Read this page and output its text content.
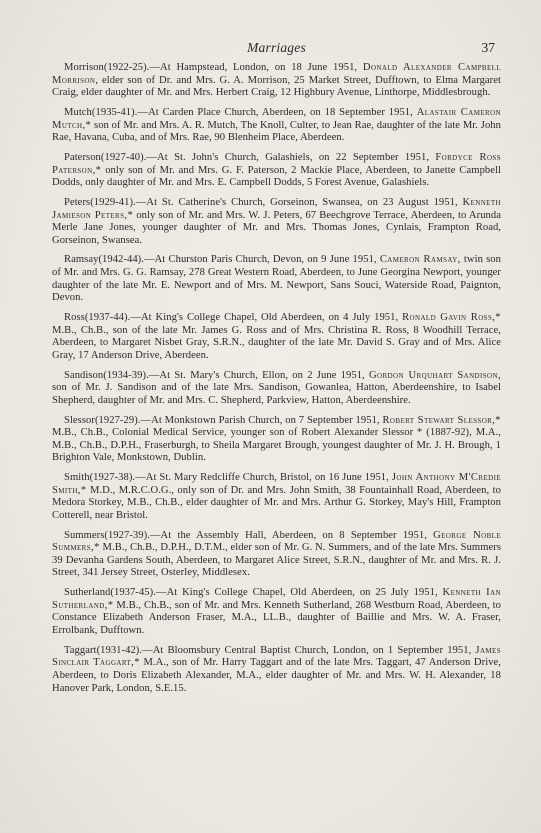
Marriages	37

Morrison(1922-25).—At Hampstead, London, on 18 June 1951, Donald Alexander Campbell Morrison, elder son of Dr. and Mrs. G. A. Morrison, 25 Market Street, Dufftown, to Elma Margaret Craig, elder daughter of Mr. and Mrs. Herbert Craig, 12 Highbury Avenue, Linthorpe, Middlesbrough.

Mutch(1935-41).—At Carden Place Church, Aberdeen, on 18 September 1951, Alastair Cameron Mutch,* son of Mr. and Mrs. A. R. Mutch, The Knoll, Culter, to Jean Rae, daughter of the late Mr. John Rae, Havana, Cuba, and of Mrs. Rae, 90 Blenheim Place, Aberdeen.

Paterson(1927-40).—At St. John's Church, Galashiels, on 22 September 1951, Fordyce Ross Paterson,* only son of Mr. and Mrs. G. F. Paterson, 2 Mackie Place, Aberdeen, to Janette Campbell Dodds, only daughter of Mr. and Mrs. E. Campbell Dodds, 5 Forest Avenue, Galashiels.

Peters(1929-41).—At St. Catherine's Church, Gorseinon, Swansea, on 23 August 1951, Kenneth Jamieson Peters,* only son of Mr. and Mrs. W. J. Peters, 67 Beechgrove Terrace, Aberdeen, to Arunda Merle Jane Jones, younger daughter of Mr. and Mrs. Thomas Jones, Cynlais, Frampton Road, Gorseinon, Swansea.

Ramsay(1942-44).—At Churston Paris Church, Devon, on 9 June 1951, Cameron Ramsay, twin son of Mr. and Mrs. G. G. Ramsay, 278 Great Western Road, Aberdeen, to June Georgina Newport, younger daughter of the late Mr. E. Newport and of Mrs. M. Newport, Sans Souci, Waterside Road, Paignton, Devon.

Ross(1937-44).—At King's College Chapel, Old Aberdeen, on 4 July 1951, Ronald Gavin Ross,* M.B., Ch.B., son of the late Mr. James G. Ross and of Mrs. Christina R. Ross, 8 Woodhill Terrace, Aberdeen, to Margaret Nisbet Gray, S.R.N., daughter of the late Mr. David S. Gray and of Mrs. Alice Gray, 17 Anderson Drive, Aberdeen.

Sandison(1934-39).—At St. Mary's Church, Ellon, on 2 June 1951, Gordon Urquhart Sandison, son of Mr. J. Sandison and of the late Mrs. Sandison, Gowanlea, Hatton, Aberdeenshire, to Isabel Shepherd, daughter of Mr. and Mrs. C. Shepherd, Parkview, Hatton, Aberdeenshire.

Slessor(1927-29).—At Monkstown Parish Church, on 7 September 1951, Robert Stewart Slessor,* M.B., Ch.B., Colonial Medical Service, younger son of Robert Alexander Slessor * (1887-92), M.A., M.B., Ch.B., D.P.H., Fraserburgh, to Sheila Margaret Brough, youngest daughter of Mr. J. H. Brough, 1 Brighton Vale, Monkstown, Dublin.

Smith(1927-38).—At St. Mary Redcliffe Church, Bristol, on 16 June 1951, John Anthony M'Credie Smith,* M.D., M.R.C.O.G., only son of Dr. and Mrs. John Smith, 38 Fountainhall Road, Aberdeen, to Medora Storkey, M.B., Ch.B., elder daughter of Mr. and Mrs. Arthur G. Storkey, May's Hill, Frampton Cotterell, near Bristol.

Summers(1927-39).—At the Assembly Hall, Aberdeen, on 8 September 1951, George Noble Summers,* M.B., Ch.B., D.P.H., D.T.M., elder son of Mr. G. N. Summers, and of the late Mrs. Summers 39 Devanha Gardens South, Aberdeen, to Margaret Alice Street, S.R.N., daughter of Mr. and Mrs. R. J. Street, 341 Jersey Street, Osterley, Middlesex.

Sutherland(1937-45).—At King's College Chapel, Old Aberdeen, on 25 July 1951, Kenneth Ian Sutherland,* M.B., Ch.B., son of Mr. and Mrs. Kenneth Sutherland, 268 Westburn Road, Aberdeen, to Constance Elizabeth Anderson Fraser, M.A., LL.B., daughter of Baillie and Mrs. W. A. Fraser, Errolbank, Dufftown.

Taggart(1931-42).—At Bloomsbury Central Baptist Church, London, on 1 September 1951, James Sinclair Taggart,* M.A., son of Mr. Harry Taggart and of the late Mrs. Taggart, 47 Anderson Drive, Aberdeen, to Doris Elizabeth Alexander, M.A., elder daughter of Mr. and Mrs. W. H. Alexander, 18 Hanover Park, London, S.E.15.
